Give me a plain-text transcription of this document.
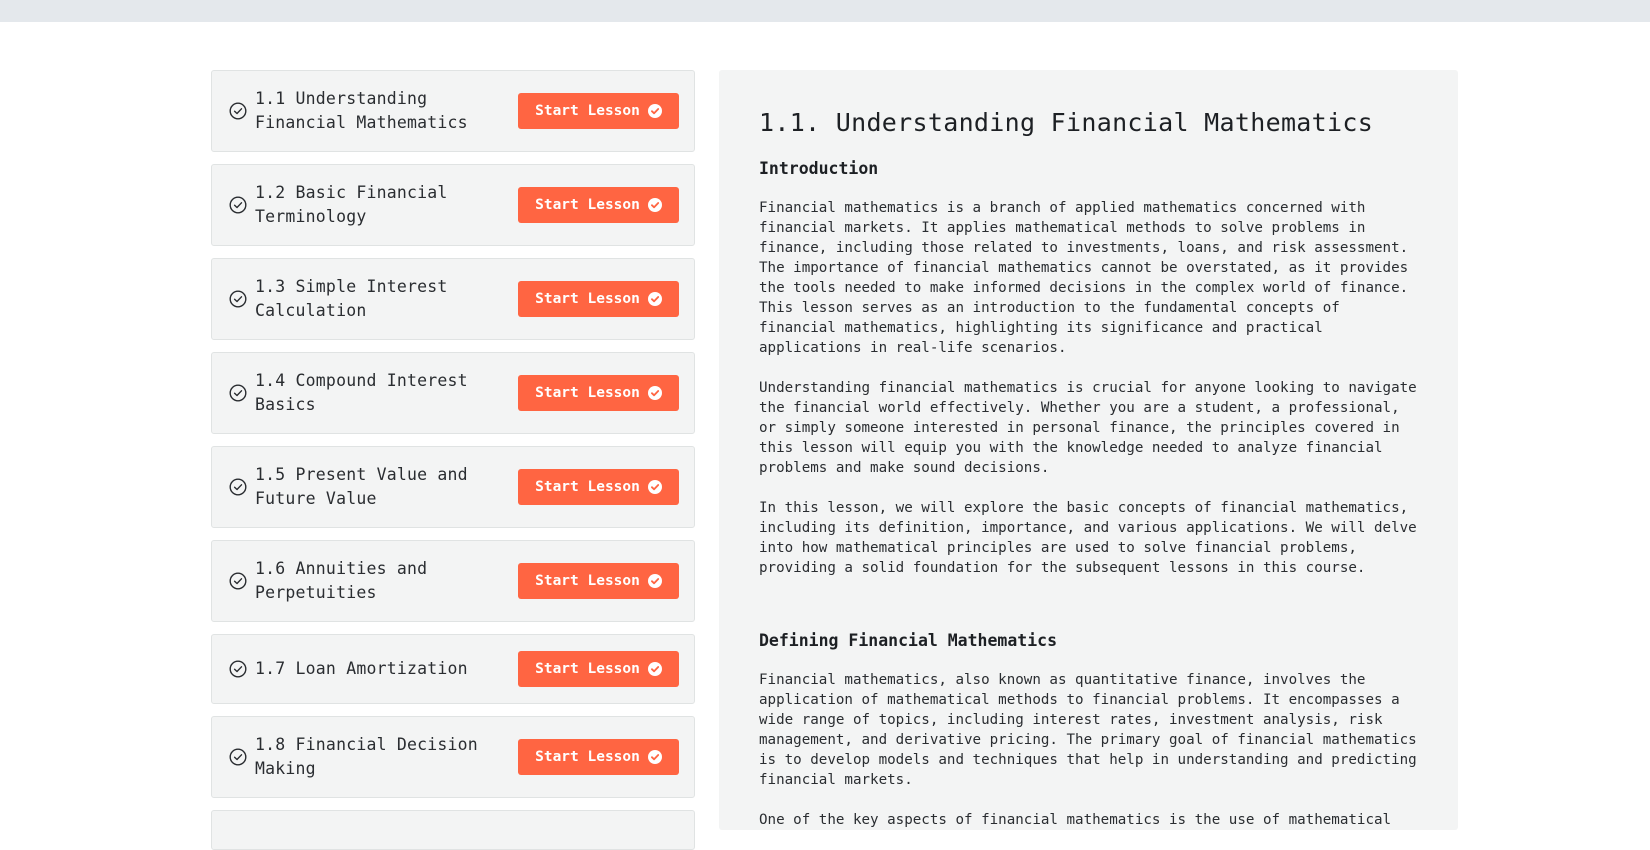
1.1 Understanding Financial Mathematics
Start Lesson
1.2 Basic Financial Terminology
Start Lesson
1.3 Simple Interest Calculation
Start Lesson
1.4 Compound Interest Basics
Start Lesson
1.5 Present Value and Future Value
Start Lesson
1.6 Annuities and Perpetuities
Start Lesson
1.7 Loan Amortization	Start Lesson
1.8 Financial Decision Making
Start Lesson
1.1. Understanding Financial Mathematics
Introduction

Financial mathematics is a branch of applied mathematics concerned with financial markets. It applies mathematical methods to solve problems in finance, including those related to investments, loans, and risk assessment. The importance of financial mathematics cannot be overstated, as it provides the tools needed to make informed decisions in the complex world of finance. This lesson serves as an introduction to the fundamental concepts of financial mathematics, highlighting its significance and practical applications in real-life scenarios.

Understanding financial mathematics is crucial for anyone looking to navigate the financial world effectively. Whether you are a student, a professional, or simply someone interested in personal finance, the principles covered in this lesson will equip you with the knowledge needed to analyze financial problems and make sound decisions.

In this lesson, we will explore the basic concepts of financial mathematics, including its definition, importance, and various applications. We will delve into how mathematical principles are used to solve financial problems, providing a solid foundation for the subsequent lessons in this course.

Defining Financial Mathematics

Financial mathematics, also known as quantitative finance, involves the application of mathematical methods to financial problems. It encompasses a wide range of topics, including interest rates, investment analysis, risk management, and derivative pricing. The primary goal of financial mathematics is to develop models and techniques that help in understanding and predicting financial markets.

One of the key aspects of financial mathematics is the use of mathematical
